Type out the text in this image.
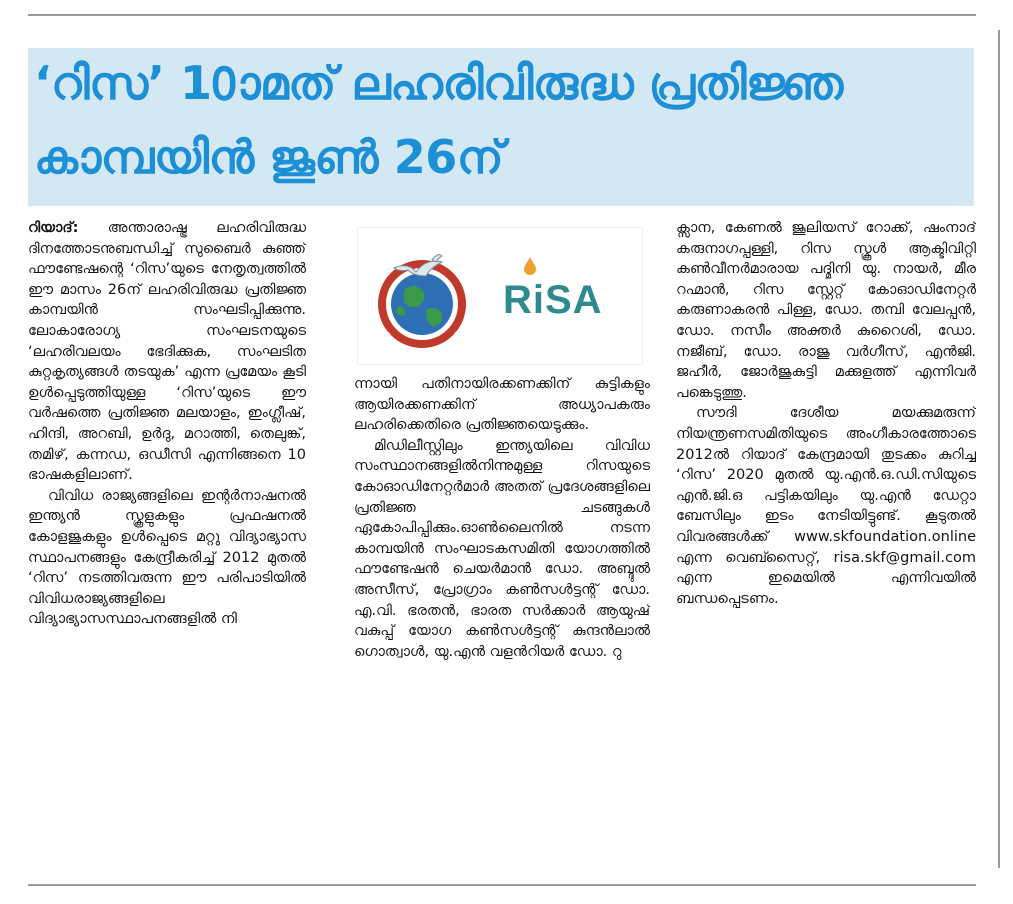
‘റിസ’ 10ാമത് ലഹരിവിരുദ്ധ പ്രതിജ്ഞ
കാമ്പയിൻ ജൂൺ 26ന്

റിയാദ്: അന്താരാഷ്ട്ര ലഹരിവിരുദ്ധ ദിനത്തോടനുബന്ധിച്ച് സുബൈർ കുഞ്ഞ് ഫൗണ്ടേഷന്റെ ‘റിസ’യുടെ നേതൃത്വത്തിൽ ഈ മാസം 26ന് ലഹരിവിരുദ്ധ പ്രതിജ്ഞ കാമ്പയിൻ സംഘടിപ്പിക്കുന്നു. ലോകാരോഗ്യ സംഘടനയുടെ ‘ലഹരിവലയം ഭേദിക്കുക, സംഘടിത കുറ്റകൃത്യങ്ങൾ തടയുക’ എന്ന പ്രമേയം കൂടി ഉൾപ്പെടുത്തിയുള്ള ‘റിസ’യുടെ ഈ വർഷത്തെ പ്രതിജ്ഞ മലയാളം, ഇംഗ്ലീഷ്, ഹിന്ദി, അറബി, ഉർദു, മറാത്തി, തെലുങ്ക്, തമിഴ്, കന്നഡ, ഒഡീസി എന്നിങ്ങനെ 10 ഭാഷകളിലാണ്.

വിവിധ രാജ്യങ്ങളിലെ ഇന്റർനാഷനൽ ഇന്ത്യൻ സ്കൂളുകളും പ്രഫഷനൽ കോളജുകളും ഉൾപ്പെടെ മറ്റു വിദ്യാഭ്യാസ സ്ഥാപനങ്ങളും കേന്ദ്രീകരിച്ച് 2012 മുതൽ ‘റിസ’ നടത്തിവരുന്ന ഈ പരിപാടിയിൽ വിവിധരാജ്യങ്ങളിലെ വിദ്യാഭ്യാസസ്ഥാപനങ്ങളിൽ നി

RiSA

ന്നായി പതിനായിരക്കണക്കിന് കുട്ടികളും ആയിരക്കണക്കിന് അധ്യാപകരും ലഹരിക്കെതിരെ പ്രതിജ്ഞയെടുക്കും.

മിഡിലീസ്റ്റിലും ഇന്ത്യയിലെ വിവിധ സംസ്ഥാനങ്ങളിൽനിന്നുമുള്ള റിസയുടെ കോഓഡിനേറ്റർമാർ അതത് പ്രദേശങ്ങളിലെ പ്രതിജ്ഞ ചടങ്ങുകൾ ഏകോപിപ്പിക്കും.ഓൺലൈനിൽ നടന്ന കാമ്പയിൻ സംഘാടകസമിതി യോഗത്തിൽ ഫൗണ്ടേഷൻ ചെയർമാൻ ഡോ. അബ്ദുൽ അസീസ്, പ്രോഗ്രാം കൺസൾട്ടന്റ് ഡോ. എ.വി. ഭരതൻ, ഭാരത സർക്കാർ ആയുഷ് വകുപ്പ് യോഗ കൺസൾട്ടന്റ് കുന്ദൻലാൽ ഗൊത്വാൾ, യു.എൻ വളൻറിയർ ഡോ. റു

ക്സാന, കേണൽ ജൂലിയസ് റോക്ക്, ഷംനാദ് കരുനാഗപ്പള്ളി, റിസ സ്കൂൾ ആക്ടിവിറ്റി കൺവീനർമാരായ പദ്മിനി യു. നായർ, മീര റഹ്മാൻ, റിസ സ്റ്റേറ്റ് കോഓഡിനേറ്റർ കരുണാകരൻ പിള്ള, ഡോ. തമ്പി വേലപ്പൻ, ഡോ. നസീം അക്തർ കുറൈശി, ഡോ. നജീബ്, ഡോ. രാജു വർഗീസ്, എൻജി. ജഹീർ, ജോർജുകുട്ടി മക്കുളത്ത് എന്നിവർ പങ്കെടുത്തു.

സൗദി ദേശീയ മയക്കുമരുന്ന് നിയന്ത്രണസമിതിയുടെ അംഗീകാരത്തോടെ 2012ൽ റിയാദ് കേന്ദ്രമായി തുടക്കം കുറിച്ച ‘റിസ’ 2020 മുതൽ യു.എൻ.ഒ.ഡി.സിയുടെ എൻ.ജി.ഒ പട്ടികയിലും യു.എൻ ഡേറ്റാ ബേസിലും ഇടം നേടിയിട്ടുണ്ട്. കൂടുതൽ വിവരങ്ങൾക്ക് www.skfoundation.online എന്ന വെബ്സൈറ്റ്, risa.skf@gmail.com എന്ന ഇമെയിൽ എന്നിവയിൽ ബന്ധപ്പെടണം.
